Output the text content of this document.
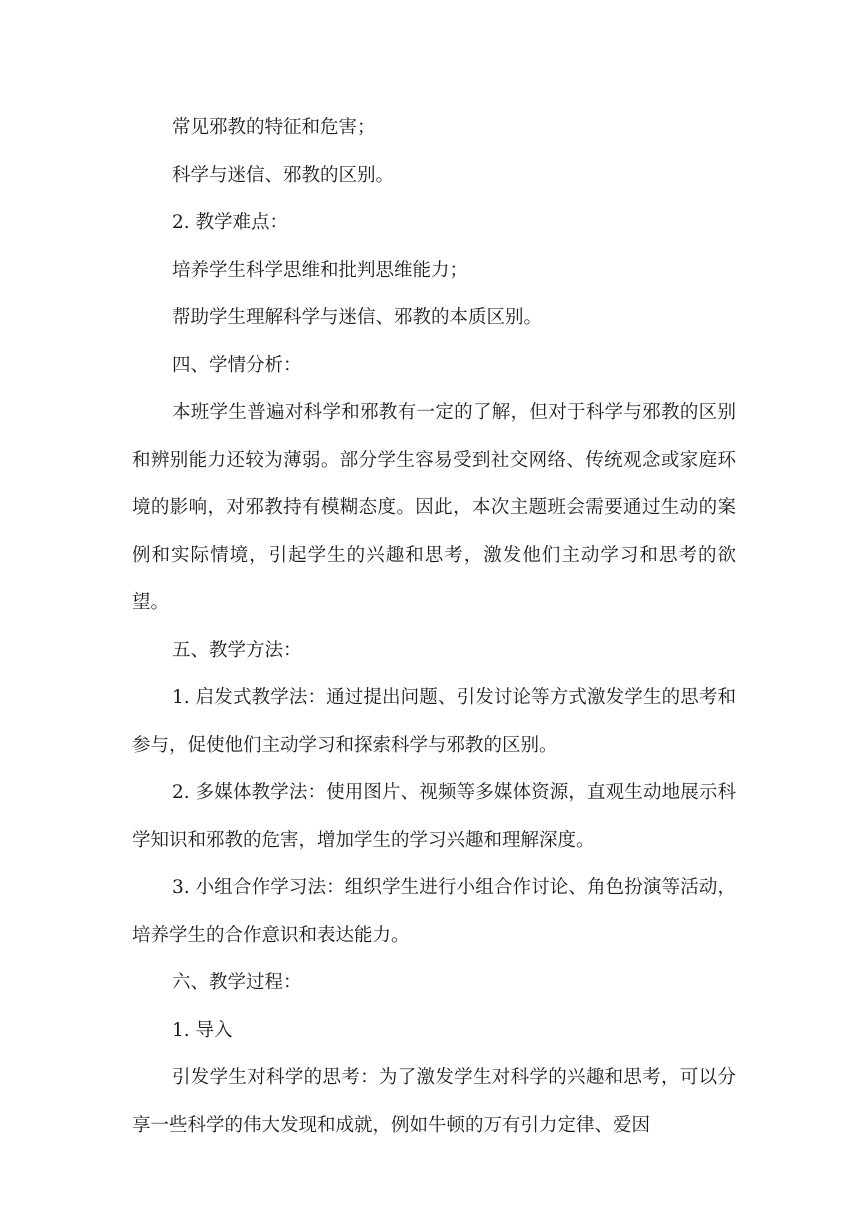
常见邪教的特征和危害；

科学与迷信、邪教的区别。

2. 教学难点：

培养学生科学思维和批判思维能力；

帮助学生理解科学与迷信、邪教的本质区别。

四、学情分析：

本班学生普遍对科学和邪教有一定的了解，但对于科学与邪教的区别和辨别能力还较为薄弱。部分学生容易受到社交网络、传统观念或家庭环境的影响，对邪教持有模糊态度。因此，本次主题班会需要通过生动的案例和实际情境，引起学生的兴趣和思考，激发他们主动学习和思考的欲望。

五、教学方法：

1. 启发式教学法：通过提出问题、引发讨论等方式激发学生的思考和参与，促使他们主动学习和探索科学与邪教的区别。

2. 多媒体教学法：使用图片、视频等多媒体资源，直观生动地展示科学知识和邪教的危害，增加学生的学习兴趣和理解深度。

3. 小组合作学习法：组织学生进行小组合作讨论、角色扮演等活动，培养学生的合作意识和表达能力。

六、教学过程：

1. 导入

引发学生对科学的思考：为了激发学生对科学的兴趣和思考，可以分享一些科学的伟大发现和成就，例如牛顿的万有引力定律、爱因
